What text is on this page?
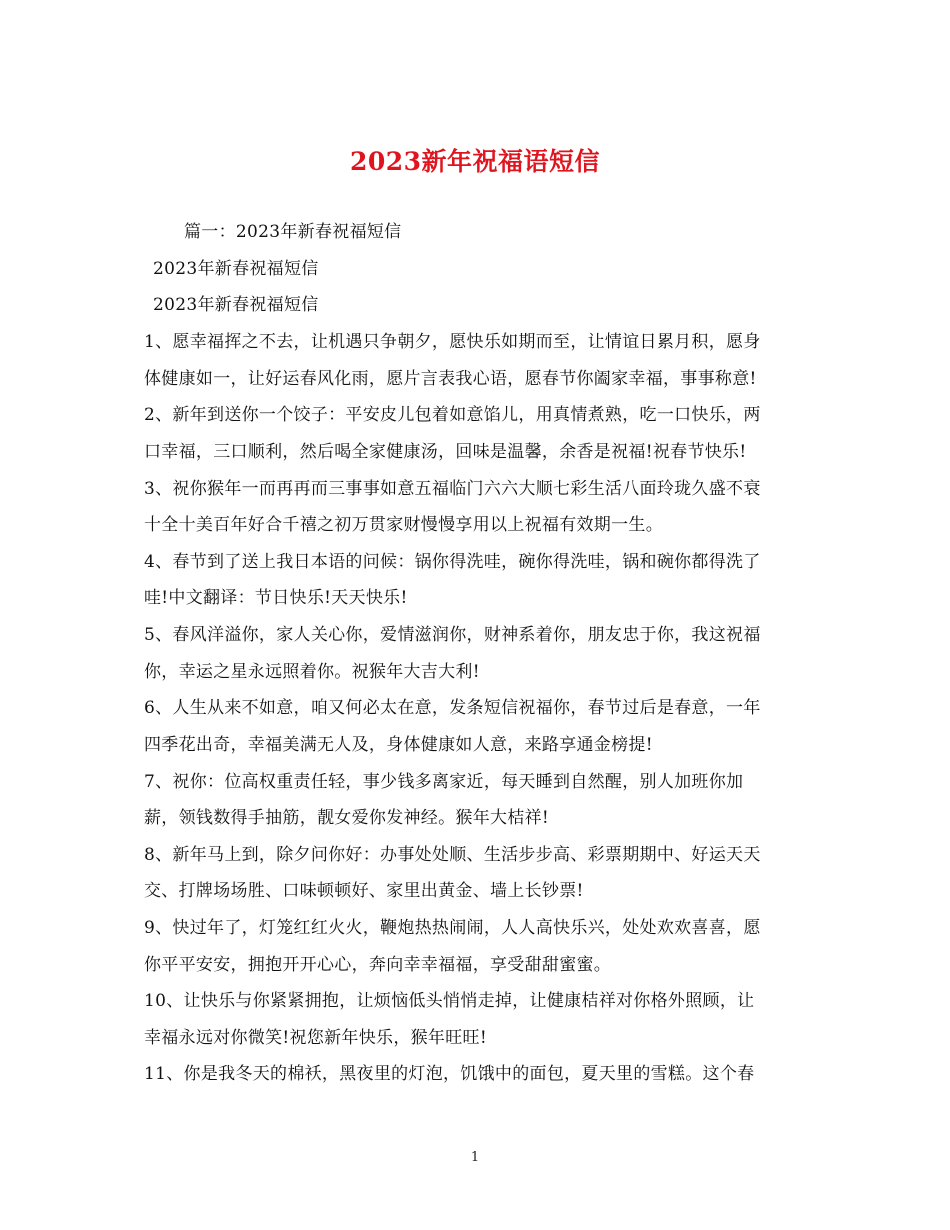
2023新年祝福语短信
篇一：2023年新春祝福短信
2023年新春祝福短信
2023年新春祝福短信
1、愿幸福挥之不去，让机遇只争朝夕，愿快乐如期而至，让情谊日累月积，愿身
体健康如一，让好运春风化雨，愿片言表我心语，愿春节你阖家幸福，事事称意!
2、新年到送你一个饺子：平安皮儿包着如意馅儿，用真情煮熟，吃一口快乐，两
口幸福，三口顺利，然后喝全家健康汤，回味是温馨，余香是祝福!祝春节快乐!
3、祝你猴年一而再再而三事事如意五福临门六六大顺七彩生活八面玲珑久盛不衰
十全十美百年好合千禧之初万贯家财慢慢享用以上祝福有效期一生。
4、春节到了送上我日本语的问候：锅你得洗哇，碗你得洗哇，锅和碗你都得洗了
哇!中文翻译：节日快乐!天天快乐!
5、春风洋溢你，家人关心你，爱情滋润你，财神系着你，朋友忠于你，我这祝福
你，幸运之星永远照着你。祝猴年大吉大利!
6、人生从来不如意，咱又何必太在意，发条短信祝福你，春节过后是春意，一年
四季花出奇，幸福美满无人及，身体健康如人意，来路享通金榜提!
7、祝你：位高权重责任轻，事少钱多离家近，每天睡到自然醒，别人加班你加
薪，领钱数得手抽筋，靓女爱你发神经。猴年大桔祥!
8、新年马上到，除夕问你好：办事处处顺、生活步步高、彩票期期中、好运天天
交、打牌场场胜、口味顿顿好、家里出黄金、墙上长钞票!
9、快过年了，灯笼红红火火，鞭炮热热闹闹，人人高快乐兴，处处欢欢喜喜，愿
你平平安安，拥抱开开心心，奔向幸幸福福，享受甜甜蜜蜜。
10、让快乐与你紧紧拥抱，让烦恼低头悄悄走掉，让健康桔祥对你格外照顾，让
幸福永远对你微笑!祝您新年快乐，猴年旺旺!
11、你是我冬天的棉袄，黑夜里的灯泡，饥饿中的面包，夏天里的雪糕。这个春
1
